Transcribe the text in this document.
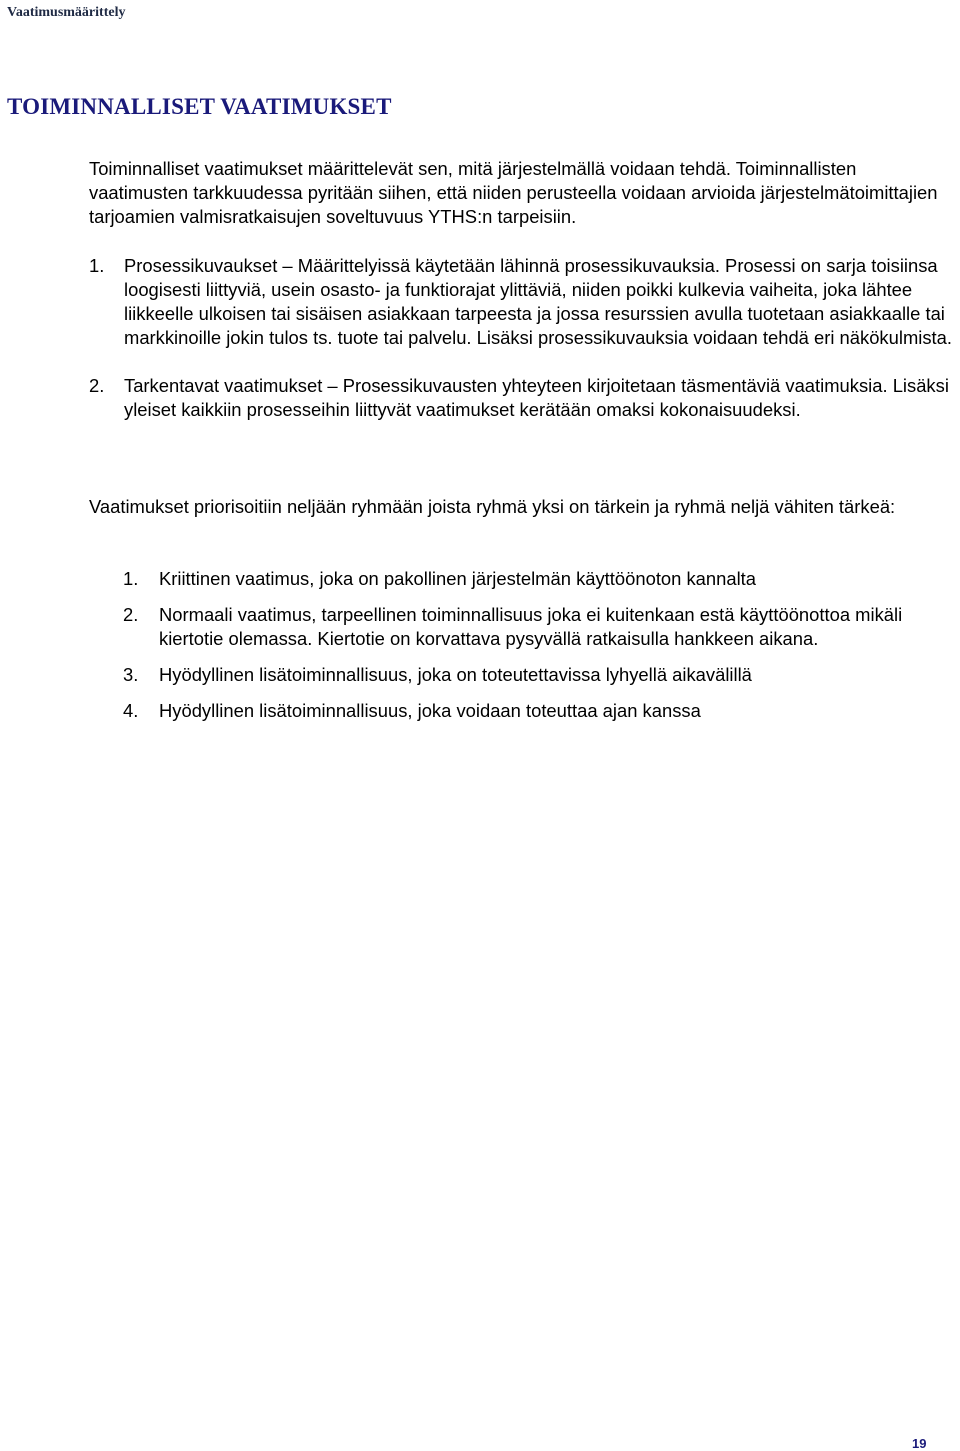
Vaatimusmäärittely
TOIMINNALLISET VAATIMUKSET

Toiminnalliset vaatimukset määrittelevät sen, mitä järjestelmällä voidaan tehdä. Toiminnallisten vaatimusten tarkkuudessa pyritään siihen, että niiden perusteella voidaan arvioida järjestelmätoimittajien tarjoamien valmisratkaisujen soveltuvuus YTHS:n tarpeisiin.

1.	Prosessikuvaukset – Määrittelyissä käytetään lähinnä prosessikuvauksia. Prosessi on sarja toisiinsa loogisesti liittyviä, usein osasto- ja funktiorajat ylittäviä, niiden poikki kulkevia vaiheita, joka lähtee liikkeelle ulkoisen tai sisäisen asiakkaan tarpeesta ja jossa resurssien avulla tuotetaan asiakkaalle tai markkinoille jokin tulos ts. tuote tai palvelu. Lisäksi prosessikuvauksia voidaan tehdä eri näkökulmista.
2.	Tarkentavat vaatimukset – Prosessikuvausten yhteyteen kirjoitetaan täsmentäviä vaatimuksia. Lisäksi yleiset kaikkiin prosesseihin liittyvät vaatimukset kerätään omaksi kokonaisuudeksi.

Vaatimukset priorisoitiin neljään ryhmään joista ryhmä yksi on tärkein ja ryhmä neljä vähiten tärkeä:

1.	Kriittinen vaatimus, joka on pakollinen järjestelmän käyttöönoton kannalta
2.	Normaali vaatimus, tarpeellinen toiminnallisuus joka ei kuitenkaan estä käyttöönottoa mikäli kiertotie olemassa. Kiertotie on korvattava pysyvällä ratkaisulla hankkeen aikana.
3.	Hyödyllinen lisätoiminnallisuus, joka on toteutettavissa lyhyellä aikavälillä
4.	Hyödyllinen lisätoiminnallisuus, joka voidaan toteuttaa ajan kanssa
19
